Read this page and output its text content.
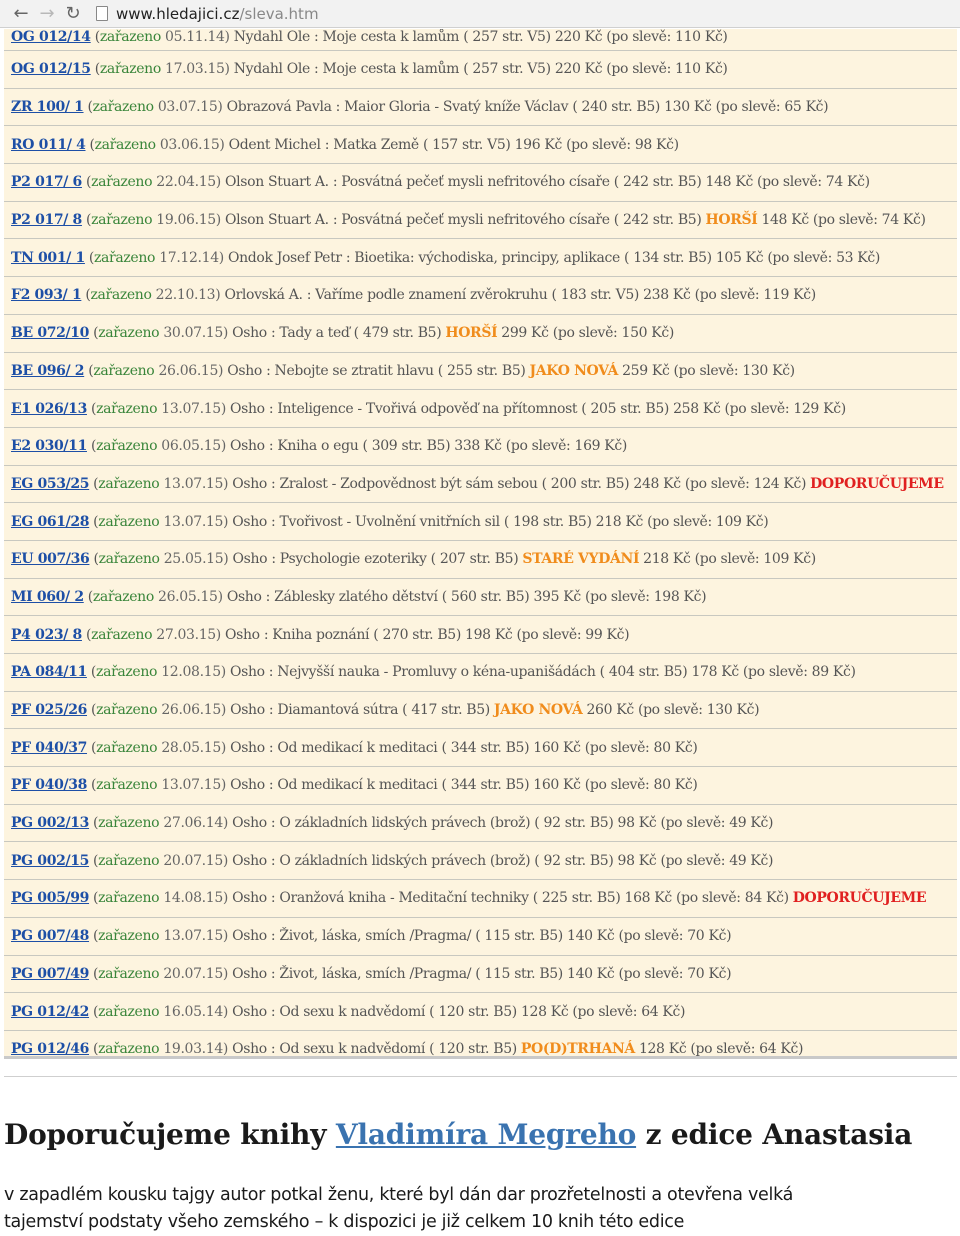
← → ↻	www.hledajici.cz /sleva.htm
OG 012/14 ( zařazeno
05.11.14)
Nydahl Ole : Moje cesta k lamům ( 257 str. V5) 220 Kč (po slevě: 110 Kč)
OG 012/15 ( zařazeno
17.03.15)
Nydahl Ole : Moje cesta k lamům ( 257 str. V5) 220 Kč (po slevě: 110 Kč)
ZR 100/ 1 ( zařazeno
03.07.15)
Obrazová Pavla : Maior Gloria - Svatý kníže Václav ( 240 str. B5) 130 Kč (po slevě: 65 Kč)
RO 011/ 4 ( zařazeno
03.06.15)
Odent Michel : Matka Země ( 157 str. V5) 196 Kč (po slevě: 98 Kč)
P2 017/ 6 ( zařazeno
22.04.15)
Olson Stuart A. : Posvátná pečeť mysli nefritového císaře ( 242 str. B5) 148 Kč (po slevě: 74 Kč)
P2 017/ 8 ( zařazeno
19.06.15)
Olson Stuart A. : Posvátná pečeť mysli nefritového císaře ( 242 str. B5) HORŠÍ 148 Kč (po slevě: 74 Kč)
TN 001/ 1 ( zařazeno
17.12.14)
Ondok Josef Petr : Bioetika: východiska, principy, aplikace ( 134 str. B5) 105 Kč (po slevě: 53 Kč)
F2 093/ 1 ( zařazeno
22.10.13)
Orlovská A. : Vaříme podle znamení zvěrokruhu ( 183 str. V5) 238 Kč (po slevě: 119 Kč)
BE 072/10 ( zařazeno
30.07.15)
Osho : Tady a teď ( 479 str. B5) HORŠÍ 299 Kč (po slevě: 150 Kč)
BE 096/ 2 ( zařazeno
26.06.15)
Osho : Nebojte se ztratit hlavu ( 255 str. B5) JAKO NOVÁ 259 Kč (po slevě: 130 Kč)
E1 026/13 ( zařazeno
13.07.15)
Osho : Inteligence - Tvořivá odpověď na přítomnost ( 205 str. B5) 258 Kč (po slevě: 129 Kč)
E2 030/11 ( zařazeno
06.05.15)
Osho : Kniha o egu ( 309 str. B5) 338 Kč (po slevě: 169 Kč)
EG 053/25 ( zařazeno
13.07.15)
Osho : Zralost - Zodpovědnost být sám sebou ( 200 str. B5) 248 Kč (po slevě: 124 Kč) DOPORUČUJEME
EG 061/28 ( zařazeno
13.07.15)
Osho : Tvořivost - Uvolnění vnitřních sil ( 198 str. B5) 218 Kč (po slevě: 109 Kč)
EU 007/36 ( zařazeno
25.05.15)
Osho : Psychologie ezoteriky ( 207 str. B5) STARÉ VYDÁNÍ 218 Kč (po slevě: 109 Kč)
MI 060/ 2 ( zařazeno
26.05.15)
Osho : Záblesky zlatého dětství ( 560 str. B5) 395 Kč (po slevě: 198 Kč)
P4 023/ 8 ( zařazeno
27.03.15)
Osho : Kniha poznání ( 270 str. B5) 198 Kč (po slevě: 99 Kč)
PA 084/11 ( zařazeno
12.08.15)
Osho : Nejvyšší nauka - Promluvy o kéna-upanišádách ( 404 str. B5) 178 Kč (po slevě: 89 Kč)
PF 025/26 ( zařazeno
26.06.15)
Osho : Diamantová sútra ( 417 str. B5) JAKO NOVÁ 260 Kč (po slevě: 130 Kč)
PF 040/37 ( zařazeno
28.05.15)
Osho : Od medikací k meditaci ( 344 str. B5) 160 Kč (po slevě: 80 Kč)
PF 040/38 ( zařazeno
13.07.15)
Osho : Od medikací k meditaci ( 344 str. B5) 160 Kč (po slevě: 80 Kč)
PG 002/13 ( zařazeno
27.06.14)
Osho : O základních lidských právech (brož) ( 92 str. B5) 98 Kč (po slevě: 49 Kč)
PG 002/15 ( zařazeno
20.07.15)
Osho : O základních lidských právech (brož) ( 92 str. B5) 98 Kč (po slevě: 49 Kč)
PG 005/99 ( zařazeno
14.08.15)
Osho : Oranžová kniha - Meditační techniky ( 225 str. B5) 168 Kč (po slevě: 84 Kč) DOPORUČUJEME
PG 007/48 ( zařazeno
13.07.15)
Osho : Život, láska, smích /Pragma/ ( 115 str. B5) 140 Kč (po slevě: 70 Kč)
PG 007/49 ( zařazeno
20.07.15)
Osho : Život, láska, smích /Pragma/ ( 115 str. B5) 140 Kč (po slevě: 70 Kč)
PG 012/42 ( zařazeno
16.05.14)
Osho : Od sexu k nadvědomí ( 120 str. B5) 128 Kč (po slevě: 64 Kč)
PG 012/46 ( zařazeno
19.03.14)
Osho : Od sexu k nadvědomí ( 120 str. B5) PO(D)TRHANÁ 128 Kč (po slevě: 64 Kč)
Doporučujeme knihy Vladimíra Megreho z edice Anastasia

v zapadlém kousku tajgy autor potkal ženu, které byl dán dar prozřetelnosti a otevřena velká
tajemství podstaty všeho zemského – k dispozici je již celkem 10 knih této edice
